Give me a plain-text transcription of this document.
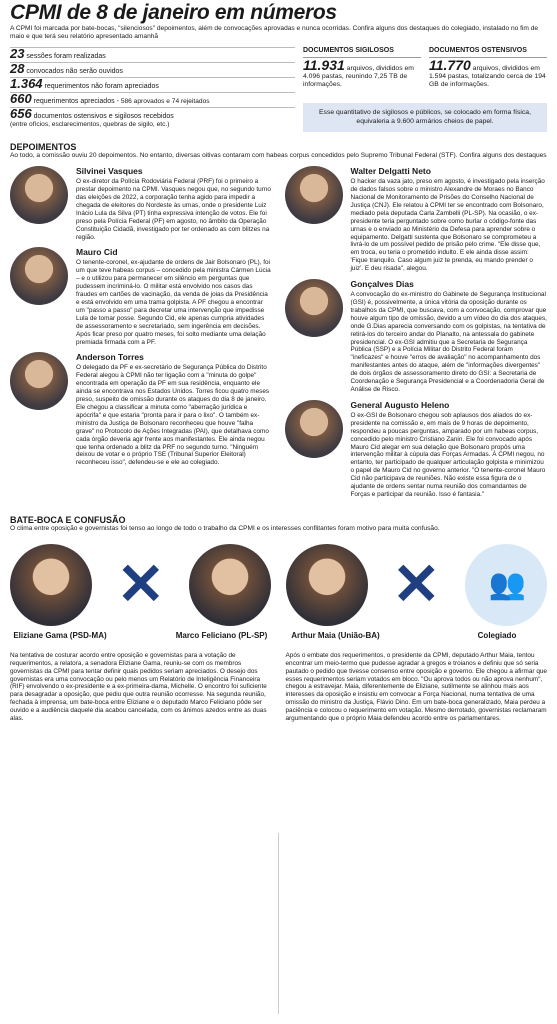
CPMI de 8 de janeiro em números
A CPMI foi marcada por bate-bocas, "silenciosos" depoimentos, além de convocações aprovadas e nunca ocorridas. Confira alguns dos destaques do colegiado, instalado no fim de maio e que terá seu relatório apresentado amanhã
23 sessões foram realizadas
28 convocados não serão ouvidos
1.364 requerimentos não foram apreciados
660 requerimentos apreciados - 586 aprovados e 74 rejeitados
656 documentos ostensivos e sigilosos recebidos
(entre ofícios, esclarecimentos, quebras de sigilo, etc.)
DOCUMENTOS SIGILOSOS
11.931 arquivos, divididos em 4.096 pastas, reunindo 7,25 TB de informações.
DOCUMENTOS OSTENSIVOS
11.770 arquivos, divididos em 1.594 pastas, totalizando cerca de 194 GB de informações.
Esse quantitativo de sigilosos e públicos, se colocado em forma física, equivaleria a 9.600 armários cheios de papel.
DEPOIMENTOS
Ao todo, a comissão ouviu 20 depoimentos. No entanto, diversas oitivas contaram com habeas corpus concedidos pelo Supremo Tribunal Federal (STF). Confira alguns dos destaques
Silvinei Vasques
O ex-diretor da Polícia Rodoviária Federal (PRF) foi o primeiro a prestar depoimento na CPMI. Vasques negou que, no segundo turno das eleições de 2022, a corporação tenha agido para impedir a chegada de eleitores do Nordeste às urnas, onde o presidente Luiz Inácio Lula da Silva (PT) tinha expressiva intenção de votos. Ele foi preso pela Polícia Federal (PF) em agosto, no âmbito da Operação Constituição Cidadã, investigado por ter ordenado as com blitzes na região.
Mauro Cid
O tenente-coronel, ex-ajudante de ordens de Jair Bolsonaro (PL), foi um que teve habeas corpus – concedido pela ministra Cármen Lúcia – e o utilizou para permanecer em silêncio em perguntas que pudessem incriminá-lo. O militar está envolvido nos casos das fraudes em cartões de vacinação, da venda de joias da Presidência e está envolvido em uma trama golpista. A PF chegou a encontrar um "passo a passo" para decretar uma intervenção que impedisse Lula de tomar posse. Segundo Cid, ele apenas cumpria atividades de assessoramento e secretariado, sem ingerência em decisões. Após ficar preso por quatro meses, foi solto mediante uma delação premiada firmada com a PF.
Anderson Torres
O delegado da PF e ex-secretário de Segurança Pública do Distrito Federal alegou à CPMI não ter ligação com a "minuta do golpe" encontrada em operação da PF em sua residência, enquanto ele ainda se encontrava nos Estados Unidos. Torres ficou quatro meses preso, suspeito de omissão durante os ataques do dia 8 de janeiro. Ele chegou a classificar a minuta como "aberração jurídica e apócrifa" e que estaria "pronta para ir para o lixo". O também ex-ministro da Justiça de Bolsonaro reconheceu que houve "falha grave" no Protocolo de Ações Integradas (PAI), que detalhava como cada órgão deveria agir frente aos manifestantes. Ele ainda negou que tenha ordenado a blitz da PRF no segundo turno. "Ninguém deixou de votar e o próprio TSE (Tribunal Superior Eleitoral) reconheceu isso", defendeu-se e ele ao colegiado.
Walter Delgatti Neto
O hacker da vaza jato, preso em agosto, é investigado pela inserção de dados falsos sobre o ministro Alexandre de Moraes no Banco Nacional de Monitoramento de Prisões do Conselho Nacional de Justiça (CNJ). Ele relatou à CPMI ter se encontrado com Bolsonaro, mediado pela deputada Carla Zambelli (PL-SP). Na ocasião, o ex-presidente teria perguntado sobre como burlar o código-fonte das urnas e o enviado ao Ministério da Defesa para aprender sobre o equipamento. Delgatti sustenta que Bolsonaro se comprometeu a livrá-lo de um possível pedido de prisão pelo crime. "Ele disse que, em troca, eu teria o prometido indulto. E ele ainda disse assim: 'Fique tranquilo. Caso algum juiz te prenda, eu mando prender o juiz'. E deu risada", alegou.
Gonçalves Dias
A convocação do ex-ministro do Gabinete de Segurança Institucional (GSI) é, possivelmente, a única vitória da oposição durante os trabalhos da CPMI, que buscava, com a convocação, comprovar que houve algum tipo de omissão, devido a um vídeo do dia dos ataques, onde G.Dias aparecia conversando com os golpistas, na tentativa de retirá-los do terceiro andar do Planalto, na antessala do gabinete presidencial. O ex-GSI admitiu que a Secretaria de Segurança Pública (SSP) e a Polícia Militar do Distrito Federal foram "ineficazes" e houve "erros de avaliação" no acompanhamento dos manifestantes antes do ataque, além de "informações divergentes" de dois órgãos de assessoramento direto do GSI: a Secretaria de Coordenação e Segurança Presidencial e a Coordenadoria Geral de Análise de Risco.
General Augusto Heleno
O ex-GSI de Bolsonaro chegou sob aplausos dos aliados do ex-presidente na comissão e, em mais de 9 horas de depoimento, respondeu a poucas perguntas, amparado por um habeas corpus, concedido pelo ministro Cristiano Zanin. Ele foi convocado após Mauro Cid alegar em sua delação que Bolsonaro propôs uma intervenção militar à cúpula das Forças Armadas. À CPMI negou, no entanto, ter participado de qualquer articulação golpista e minimizou o papel de Mauro Cid no governo anterior. "O tenente-coronel Mauro Cid não participava de reuniões. Não existe essa figura de o ajudante de ordens sentar numa reunião dos comandantes de Forças e participar da reunião. Isso é fantasia."
BATE-BOCA E CONFUSÃO
O clima entre oposição e governistas foi tenso ao longo de todo o trabalho da CPMI e os interesses conflitantes foram motivo para muita confusão.
✕
Eliziane Gama (PSD-MA)	Marco Feliciano (PL-SP)
Na tentativa de costurar acordo entre oposição e governistas para a votação de requerimentos, a relatora, a senadora Eliziane Gama, reuniu-se com os membros governistas da CPMI para tentar definir quais pedidos seriam apreciados. O desejo dos governistas era uma convocação ou pelo menos um Relatório de Inteligência Financeira (RIF) envolvendo o ex-presidente e a ex-primeira-dama, Michelle. O encontro foi suficiente para desagradar a oposição, que pediu que outra reunião ocorresse. Na segunda reunião, fechada à imprensa, um bate-boca entre Eliziane e o deputado Marco Feliciano pôde ser ouvido e a audiência daquele dia acabou cancelada, com os ânimos azedos entre as duas alas.
✕	👥
Arthur Maia (União-BA)	Colegiado
Após o embate dos requerimentos, o presidente da CPMI, deputado Arthur Maia, tentou encontrar um meio-termo que pudesse agradar a gregos e troianos e definiu que só seria pautado o pedido que tivesse consenso entre oposição e governo. Ele chegou a afirmar que esses requerimentos seriam votados em bloco. "Ou aprova todos ou não aprova nenhum", chegou a estravejar. Maia, diferentemente de Eliziane, sutilmente se alinhou mais aos interesses da oposição e insistiu em convocar a Força Nacional, numa tentativa de uma omissão do ministro da Justiça, Flávio Dino. Em um bate-boca generalizado, Maia perdeu a paciência e colocou o requerimento em votação. Mesmo derrotado, governistas reclamaram argumentando que o próprio Maia defendeu acordo entre os parlamentares.
